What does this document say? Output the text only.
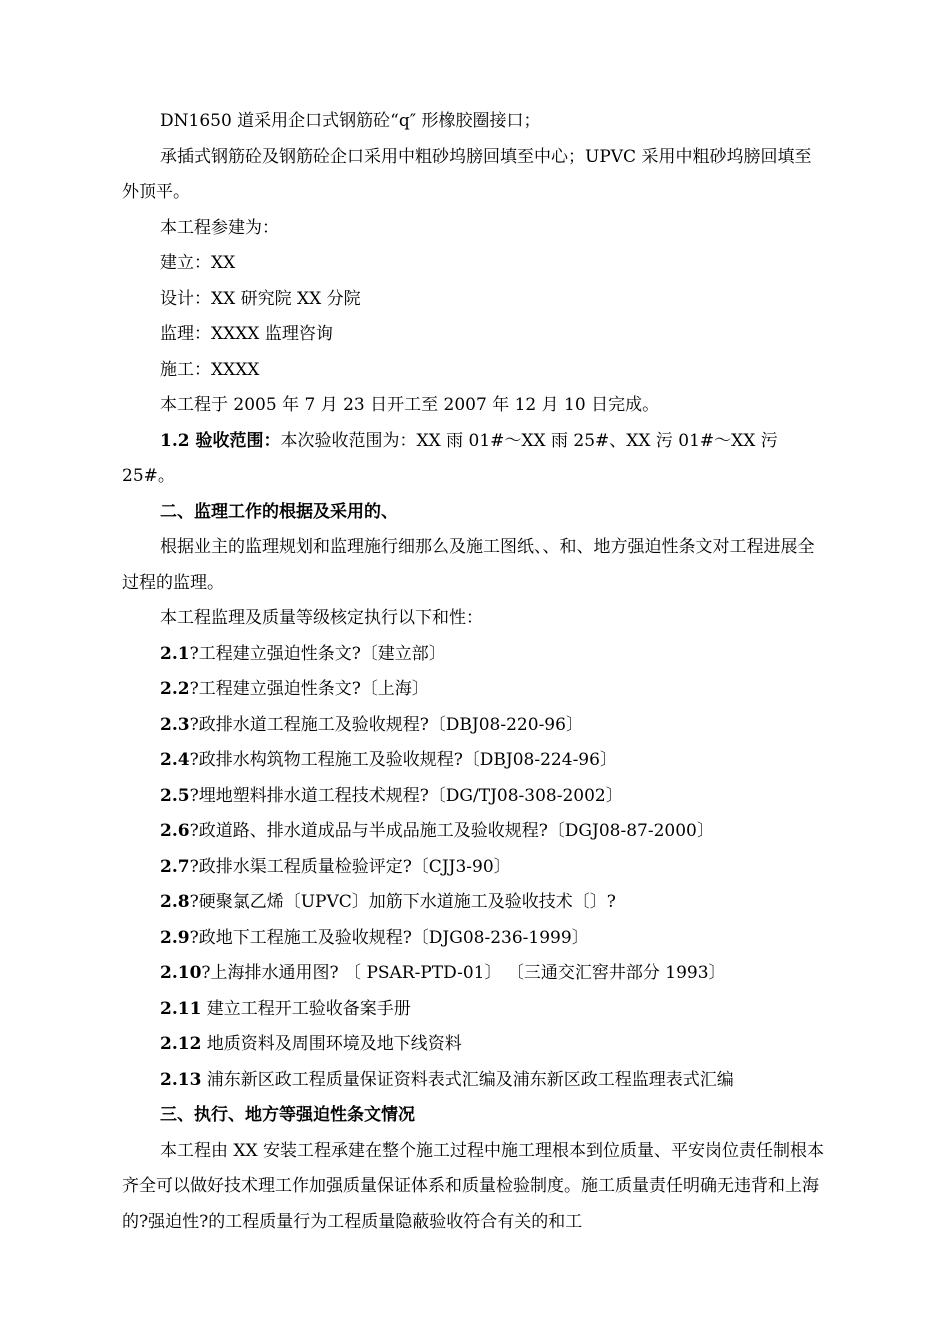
DN1650 道采用企口式钢筋砼“q″ 形橡胶圈接口；

承插式钢筋砼及钢筋砼企口采用中粗砂坞膀回填至中心；UPVC 采用中粗砂坞膀回填至外顶平。

本工程参建为：

建立：XX

设计：XX 研究院 XX 分院

监理：XXXX 监理咨询

施工：XXXX

本工程于 2005 年 7 月 23 日开工至 2007 年 12 月 10 日完成。

1.2 验收范围：本次验收范围为：XX 雨 01#～XX 雨 25#、XX 污 01#～XX 污 25#。

二、监理工作的根据及采用的、

根据业主的监理规划和监理施行细那么及施工图纸、、和、地方强迫性条文对工程进展全过程的监理。

本工程监理及质量等级核定执行以下和性：

2.1?工程建立强迫性条文?〔建立部〕

2.2?工程建立强迫性条文?〔上海〕

2.3?政排水道工程施工及验收规程?〔DBJ08-220-96〕

2.4?政排水构筑物工程施工及验收规程?〔DBJ08-224-96〕

2.5?埋地塑料排水道工程技术规程?〔DG/TJ08-308-2002〕

2.6?政道路、排水道成品与半成品施工及验收规程?〔DGJ08-87-2000〕

2.7?政排水渠工程质量检验评定?〔CJJ3-90〕

2.8?硬聚氯乙烯〔UPVC〕加筋下水道施工及验收技术〔〕?

2.9?政地下工程施工及验收规程?〔DJG08-236-1999〕

2.10?上海排水通用图? 〔 PSAR-PTD-01〕 〔三通交汇窖井部分 1993〕

2.11 建立工程开工验收备案手册

2.12 地质资料及周围环境及地下线资料

2.13 浦东新区政工程质量保证资料表式汇编及浦东新区政工程监理表式汇编

三、执行、地方等强迫性条文情况

本工程由 XX 安装工程承建在整个施工过程中施工理根本到位质量、平安岗位责任制根本齐全可以做好技术理工作加强质量保证体系和质量检验制度。施工质量责任明确无违背和上海的?强迫性?的工程质量行为工程质量隐蔽验收符合有关的和工
